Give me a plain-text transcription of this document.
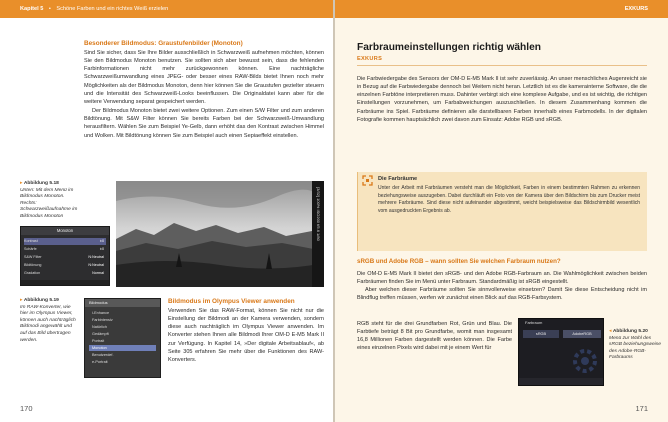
Kapitel 5 • Schöne Farben und ein richtes Weiß erzielen
Besonderer Bildmodus: Graustufenbilder (Monoton)

Sind Sie sicher, dass Sie Ihre Bilder ausschließlich in Schwarzweiß aufnehmen möchten, können Sie den Bildmodus Monoton benutzen. Sie sollten sich aber bewusst sein, dass die fehlenden Farbinformationen nicht mehr zurückgewonnen können. Eine nachträgliche Schwarzweißumwandlung eines JPEG- oder besser eines RAW-Bilds bietet Ihnen noch mehr Möglichkeiten als der Bildmodus Monoton, denn hier können Sie die Graustufen gezielter steuern und die Intensität des Schwarzweiß-Looks beeinflussen. Die Originaldatei kann aber für die weitere Verwendung separat gespeichert werden.

Der Bildmodus Monoton bietet zwei weitere Optionen. Zum einen S/W Filter und zum anderen Bildtönung. Mit S&W Filter können Sie bereits Farben bei der Schwarzweiß-Umwandlung herausfiltern. Wählen Sie zum Beispiel Ye-Gelb, dann erhöht das den Kontrast zwischen Himmel und Wolken. Mit Bildtönung können Sie zum Beispiel auch einen Sepiaeffekt einstellen.

▸ Abbildung 5.18
Unten: Mit dem Menü im Bildmodus Monoton. Rechts: Schwarzweißaufnahme im Bildmodus Monoton
Monoton
Kontrast	±0
Schärfe	±0
S&W Filter	N:Neutral
Bildtönung	N:Neutral
Gradation	Normal
[3/32] 100% ISO200 f/5.6 1/80
▸ Abbildung 5.19
Im RAW-Konverter, wie hier im Olympus Viewer, können auch nachträglich Bildmodi angewählt und auf das Bild übertragen werden.
Bildmodus
i-Enhance
Farbintensiv
Natürlich
Gedämpft
Portrait
Monoton
Benutzerdef.
e-Portrait
Bildmodus im Olympus Viewer anwenden

Verwenden Sie das RAW-Format, können Sie nicht nur die Einstellung der Bildmodi an der Kamera verwenden, sondern diese auch nachträglich im Olympus Viewer anwenden. Im Konverter stehen Ihnen alle Bildmodi Ihrer OM-D E-M5 Mark II zur Verfügung. In Kapitel 14, »Der digitale Arbeitsablauf«, ab Seite 305 erfahren Sie mehr über die Funktionen des RAW-Konverters.

170
EXKURS
Farbraumeinstellungen richtig wählen
EXKURS

Die Farbwiedergabe des Sensors der OM-D E-M5 Mark II ist sehr zuverlässig. An unser menschliches Augenreicht sie in Bezug auf die Farbwiedergabe dennoch bei Weitem nicht heran. Letztlich ist es die kamerainterne Software, die die einzelnen Farbtöne interpretieren muss. Dahinter verbirgt sich eine komplexe Aufgabe, und es ist wichtig, die richtigen Einstellungen vorzunehmen, um Farbabweichungen auszuschließen. In diesem Zusammenhang kommen die Farbräume ins Spiel. Farbräume definieren alle darstellbaren Farben innerhalb eines Farbmodells. In der digitalen Fotografie kommen hauptsächlich zwei davon zum Einsatz: Adobe RGB und sRGB.

Die Farbräume
Unter der Arbeit mit Farbräumen versteht man die Möglichkeit, Farben in einem bestimmten Rahmen zu erkennen beziehungsweise auszugeben. Dabei durchläuft ein Foto von der Kamera über den Bildschirm bis zum Drucker meist mehrere Farbräume. Sind diese nicht aufeinander abgestimmt, weicht beispielsweise das Bildschirmbild wesentlich vom ausgedruckten Ergebnis ab.
sRGB und Adobe RGB – wann sollten Sie welchen Farbraum nutzen?

Die OM-D E-M5 Mark II bietet den sRGB- und den Adobe RGB-Farbraum an. Die Wahlmöglichkeit zwischen beiden Farbräumen finden Sie im Menü unter Farbraum. Standardmäßig ist sRGB eingestellt.

Aber welchen dieser Farbräume sollten Sie sinnvollerweise einsetzen? Damit Sie diese Entscheidung nicht im Blindflug treffen müssen, werfen wir zunächst einen Blick auf das RGB-Farbsystem.

RGB steht für die drei Grundfarben Rot, Grün und Blau. Die Farbtiefe beträgt 8 Bit pro Grundfarbe, womit man insgesamt 16,8 Millionen Farben dargestellt werden können. Die Farbe eines einzelnen Pixels wird dabei mit je einem Wert für

Farbraum
sRGB	AdobeRGB	◂ Abbildung 5.20
Menü zur Wahl des sRGB beziehungsweise des Adobe-RGB-Farbraums
171
